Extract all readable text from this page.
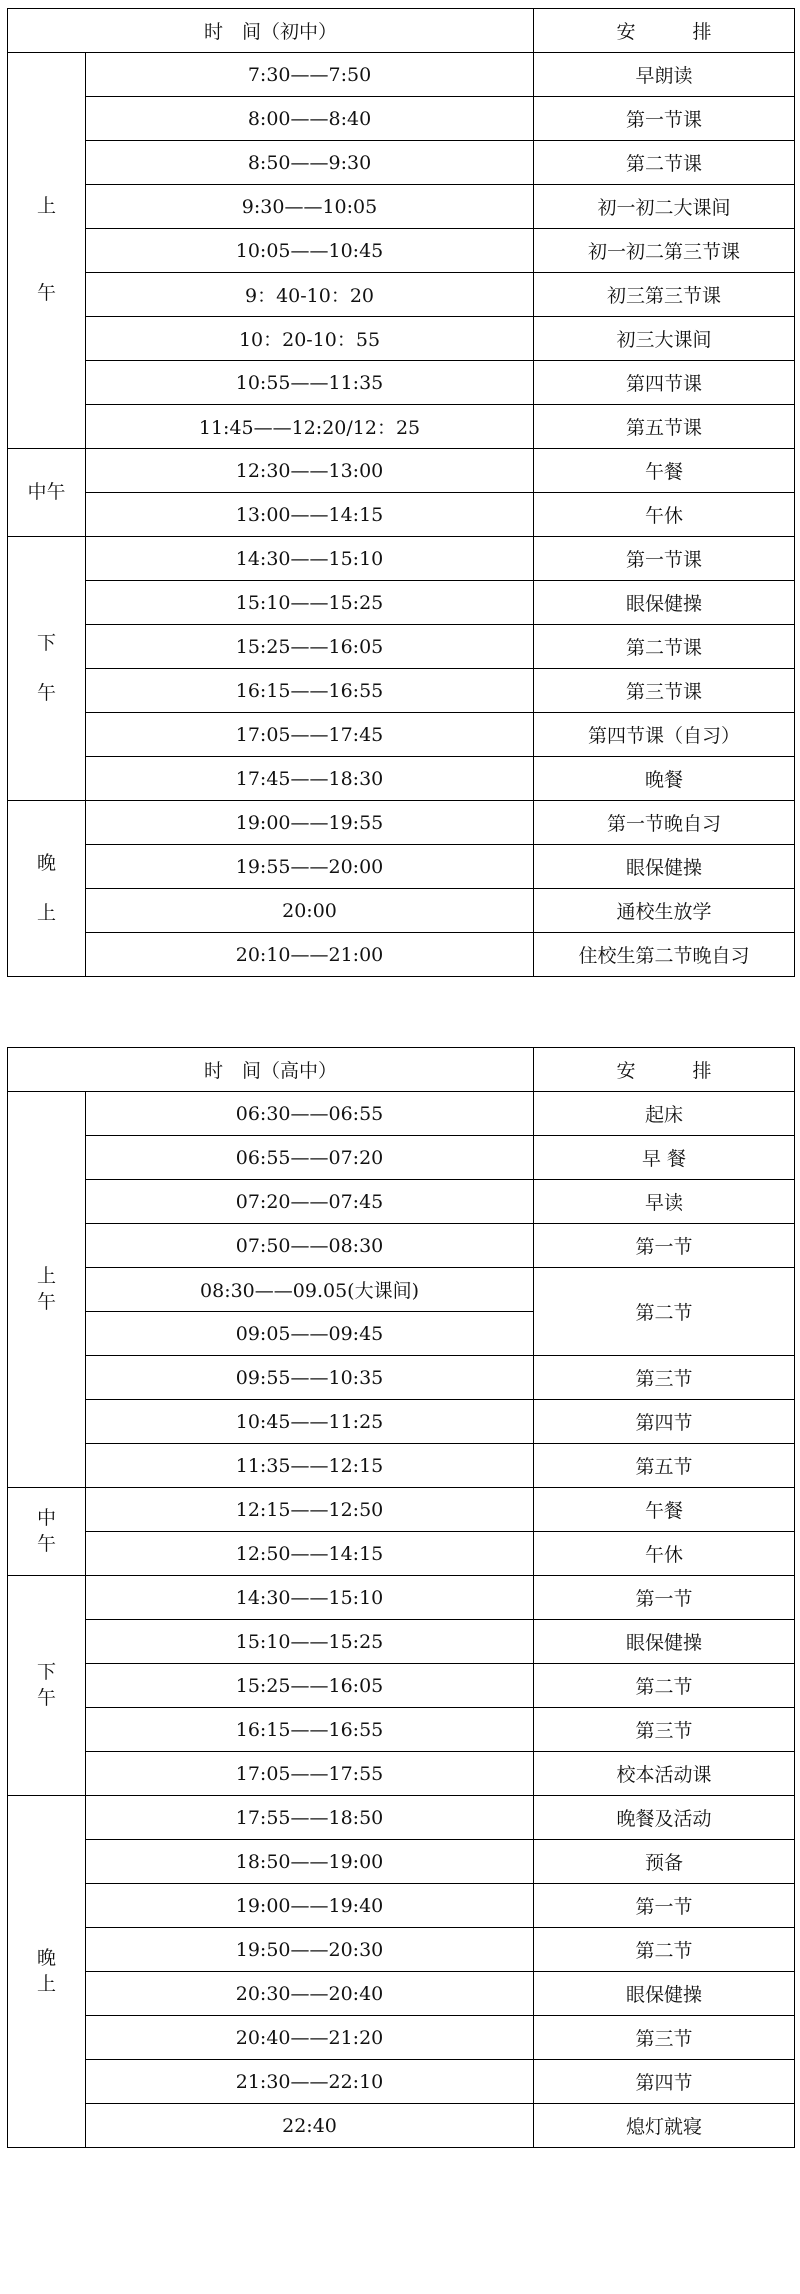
时　间（初中）		安　　　排

上

午	7:30——7:50	早朗读
	8:00——8:40	第一节课
	8:50——9:30	第二节课
	9:30——10:05	初一初二大课间
	10:05——10:45	初一初二第三节课
	9：40-10：20	初三第三节课
	10：20-10：55	初三大课间
	10:55——11:35	第四节课
	11:45——12:20/12：25	第五节课

中午	12:30——13:00	午餐
	13:00——14:15	午休

下

午	14:30——15:10	第一节课
	15:10——15:25	眼保健操
	15:25——16:05	第二节课
	16:15——16:55	第三节课
	17:05——17:45	第四节课（自习）
	17:45——18:30	晚餐

晚

上	19:00——19:55	第一节晚自习
	19:55——20:00	眼保健操
	20:00	通校生放学
	20:10——21:00	住校生第二节晚自习
时　间（高中）		安　　　排

上
午	06:30——06:55	起床
	06:55——07:20	早 餐
	07:20——07:45	早读
	07:50——08:30	第一节
	08:30——09.05(大课间)	第二节
	09:05——09:45	
	09:55——10:35	第三节
	10:45——11:25	第四节
	11:35——12:15	第五节

中
午	12:15——12:50	午餐
	12:50——14:15	午休

下
午	14:30——15:10	第一节
	15:10——15:25	眼保健操
	15:25——16:05	第二节
	16:15——16:55	第三节
	17:05——17:55	校本活动课

晚
上	17:55——18:50	晚餐及活动
	18:50——19:00	预备
	19:00——19:40	第一节
	19:50——20:30	第二节
	20:30——20:40	眼保健操
	20:40——21:20	第三节
	21:30——22:10	第四节
	22:40	熄灯就寝
